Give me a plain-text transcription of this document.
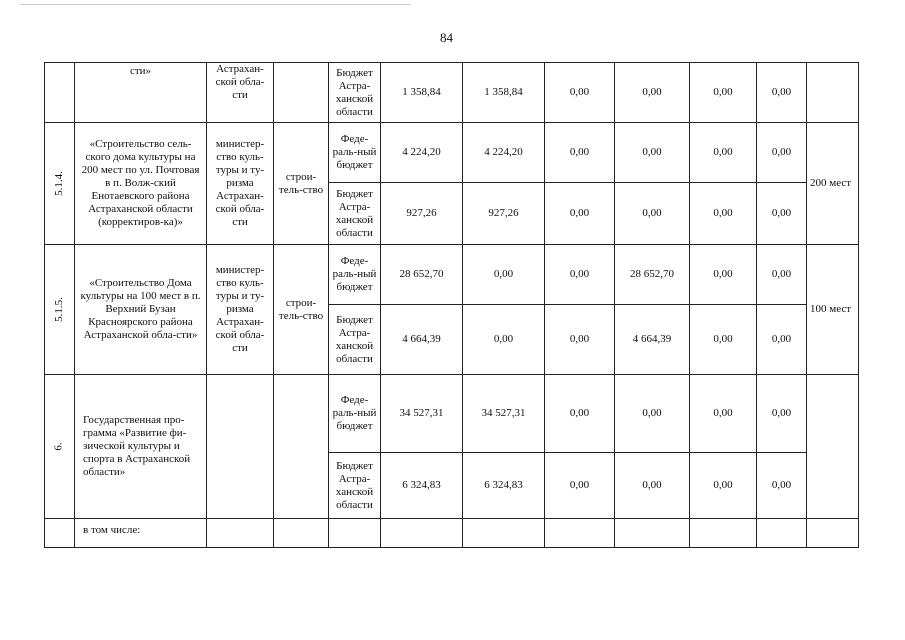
84
	сти»	Астрахан-ской обла-сти		Бюджет Астра-ханской области	1 358,84	1 358,84	0,00	0,00	0,00	0,00	
5.1.4.	«Строительство сель-ского дома культуры на 200 мест по ул. Почтовая в п. Волж-ский Енотаевского района Астраханской области (корректиров-ка)»	министер-ство куль-туры и ту-ризма Астрахан-ской обла-сти	строи-тель-ство	Феде-раль-ный бюджет	4 224,20	4 224,20	0,00	0,00	0,00	0,00	200 мест
				Бюджет Астра-ханской области	927,26	927,26	0,00	0,00	0,00	0,00	
5.1.5.	«Строительство Дома культуры на 100 мест в п. Верхний Бузан Красноярского района Астраханской обла-сти»	министер-ство куль-туры и ту-ризма Астрахан-ской обла-сти	строи-тель-ство	Феде-раль-ный бюджет	28 652,70	0,00	0,00	28 652,70	0,00	0,00	100 мест
				Бюджет Астра-ханской области	4 664,39	0,00	0,00	4 664,39	0,00	0,00	
6.	Государственная про-грамма «Развитие фи-зической культуры и спорта в Астраханской области»			Феде-раль-ный бюджет	34 527,31	34 527,31	0,00	0,00	0,00	0,00	
				Бюджет Астра-ханской области	6 324,83	6 324,83	0,00	0,00	0,00	0,00	
	в том числе:										
